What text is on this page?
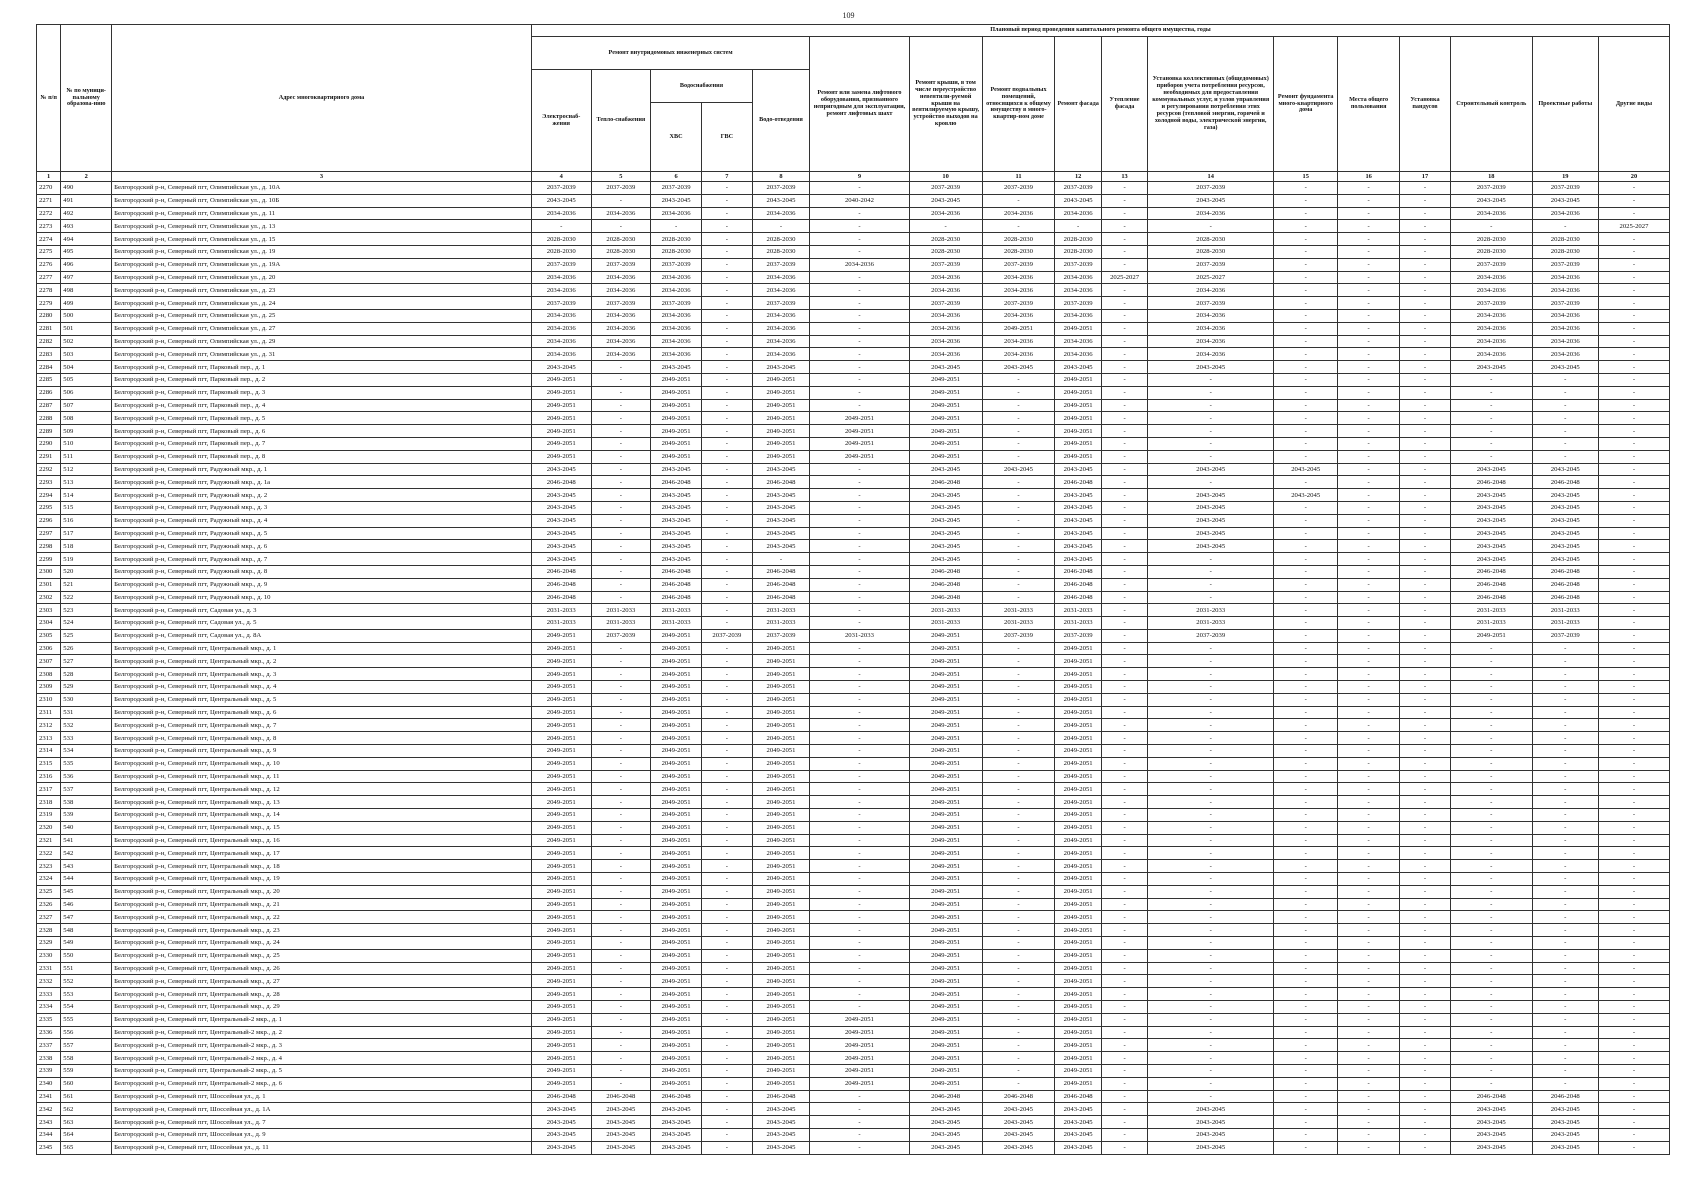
109
№ п/п	№ по муници-пальному образова-нию	Адрес многоквартирного дома	Плановый период проведения капитального ремонта общего имущества, годы																
			Ремонт внутридомовых инженерных систем					Ремонт или замена лифтового оборудования, признанного непригодным для эксплуатации, ремонт лифтовых шахт	Ремонт крыши, в том числе переустройство невентили-руемой крыши на вентилируемую крышу, устройство выходов на кровлю	Ремонт подвальных помещений, относящихся к общему имуществу в много-квартир-ном доме	Ремонт фасада	Утепление фасада	Установка коллективных (общедомовых) приборов учета потребления ресурсов, необходимых для предоставления коммунальных услуг, и узлов управления и регулирования потребления этих ресурсов (тепловой энергии, горячей и холодной воды, электрической энергии, газа)	Ремонт фундамента много-квартирного дома	Места общего пользования	Установка пандусов	Строительный контроль	Проектные работы	Другие виды
			Электроснаб-жения	Тепло-снабжения	Водоснабжения		Водо-отведения												
					ХВС	ГВС													
1	2	3	4	5	6	7	8	9	10	11	12	13	14	15	16	17	18	19	20
2270	490	Белгородский р-н, Северный пгт, Олимпийская ул., д. 10А	2037-2039	2037-2039	2037-2039	-	2037-2039	-	2037-2039	2037-2039	2037-2039	-	2037-2039	-	-	-	2037-2039	2037-2039	-
2271	491	Белгородский р-н, Северный пгт, Олимпийская ул., д. 10Б	2043-2045	-	2043-2045	-	2043-2045	2040-2042	2043-2045	-	2043-2045	-	2043-2045	-	-	-	2043-2045	2043-2045	-
2272	492	Белгородский р-н, Северный пгт, Олимпийская ул., д. 11	2034-2036	2034-2036	2034-2036	-	2034-2036	-	2034-2036	2034-2036	2034-2036	-	2034-2036	-	-	-	2034-2036	2034-2036	-
2273	493	Белгородский р-н, Северный пгт, Олимпийская ул., д. 13	-	-	-	-	-	-	-	-	-	-	-	-	-	-	-	-	2025-2027
2274	494	Белгородский р-н, Северный пгт, Олимпийская ул., д. 15	2028-2030	2028-2030	2028-2030	-	2028-2030	-	2028-2030	2028-2030	2028-2030	-	2028-2030	-	-	-	2028-2030	2028-2030	-
2275	495	Белгородский р-н, Северный пгт, Олимпийская ул., д. 19	2028-2030	2028-2030	2028-2030	-	2028-2030	-	2028-2030	2028-2030	2028-2030	-	2028-2030	-	-	-	2028-2030	2028-2030	-
2276	496	Белгородский р-н, Северный пгт, Олимпийская ул., д. 19А	2037-2039	2037-2039	2037-2039	-	2037-2039	2034-2036	2037-2039	2037-2039	2037-2039	-	2037-2039	-	-	-	2037-2039	2037-2039	-
2277	497	Белгородский р-н, Северный пгт, Олимпийская ул., д. 20	2034-2036	2034-2036	2034-2036	-	2034-2036	-	2034-2036	2034-2036	2034-2036	2025-2027	2025-2027	-	-	-	2034-2036	2034-2036	-
2278	498	Белгородский р-н, Северный пгт, Олимпийская ул., д. 23	2034-2036	2034-2036	2034-2036	-	2034-2036	-	2034-2036	2034-2036	2034-2036	-	2034-2036	-	-	-	2034-2036	2034-2036	-
2279	499	Белгородский р-н, Северный пгт, Олимпийская ул., д. 24	2037-2039	2037-2039	2037-2039	-	2037-2039	-	2037-2039	2037-2039	2037-2039	-	2037-2039	-	-	-	2037-2039	2037-2039	-
2280	500	Белгородский р-н, Северный пгт, Олимпийская ул., д. 25	2034-2036	2034-2036	2034-2036	-	2034-2036	-	2034-2036	2034-2036	2034-2036	-	2034-2036	-	-	-	2034-2036	2034-2036	-
2281	501	Белгородский р-н, Северный пгт, Олимпийская ул., д. 27	2034-2036	2034-2036	2034-2036	-	2034-2036	-	2034-2036	2049-2051	2049-2051	-	2034-2036	-	-	-	2034-2036	2034-2036	-
2282	502	Белгородский р-н, Северный пгт, Олимпийская ул., д. 29	2034-2036	2034-2036	2034-2036	-	2034-2036	-	2034-2036	2034-2036	2034-2036	-	2034-2036	-	-	-	2034-2036	2034-2036	-
2283	503	Белгородский р-н, Северный пгт, Олимпийская ул., д. 31	2034-2036	2034-2036	2034-2036	-	2034-2036	-	2034-2036	2034-2036	2034-2036	-	2034-2036	-	-	-	2034-2036	2034-2036	-
2284	504	Белгородский р-н, Северный пгт, Парковый пер., д. 1	2043-2045	-	2043-2045	-	2043-2045	-	2043-2045	2043-2045	2043-2045	-	2043-2045	-	-	-	2043-2045	2043-2045	-
2285	505	Белгородский р-н, Северный пгт, Парковый пер., д. 2	2049-2051	-	2049-2051	-	2049-2051	-	2049-2051	-	2049-2051	-	-	-	-	-	-	-	-
2286	506	Белгородский р-н, Северный пгт, Парковый пер., д. 3	2049-2051	-	2049-2051	-	2049-2051	-	2049-2051	-	2049-2051	-	-	-	-	-	-	-	-
2287	507	Белгородский р-н, Северный пгт, Парковый пер., д. 4	2049-2051	-	2049-2051	-	2049-2051	-	2049-2051	-	2049-2051	-	-	-	-	-	-	-	-
2288	508	Белгородский р-н, Северный пгт, Парковый пер., д. 5	2049-2051	-	2049-2051	-	2049-2051	2049-2051	2049-2051	-	2049-2051	-	-	-	-	-	-	-	-
2289	509	Белгородский р-н, Северный пгт, Парковый пер., д. 6	2049-2051	-	2049-2051	-	2049-2051	2049-2051	2049-2051	-	2049-2051	-	-	-	-	-	-	-	-
2290	510	Белгородский р-н, Северный пгт, Парковый пер., д. 7	2049-2051	-	2049-2051	-	2049-2051	2049-2051	2049-2051	-	2049-2051	-	-	-	-	-	-	-	-
2291	511	Белгородский р-н, Северный пгт, Парковый пер., д. 8	2049-2051	-	2049-2051	-	2049-2051	2049-2051	2049-2051	-	2049-2051	-	-	-	-	-	-	-	-
2292	512	Белгородский р-н, Северный пгт, Радужный мкр., д. 1	2043-2045	-	2043-2045	-	2043-2045	-	2043-2045	2043-2045	2043-2045	-	2043-2045	2043-2045	-	-	2043-2045	2043-2045	-
2293	513	Белгородский р-н, Северный пгт, Радужный мкр., д. 1а	2046-2048	-	2046-2048	-	2046-2048	-	2046-2048	-	2046-2048	-	-	-	-	-	2046-2048	2046-2048	-
2294	514	Белгородский р-н, Северный пгт, Радужный мкр., д. 2	2043-2045	-	2043-2045	-	2043-2045	-	2043-2045	-	2043-2045	-	2043-2045	2043-2045	-	-	2043-2045	2043-2045	-
2295	515	Белгородский р-н, Северный пгт, Радужный мкр., д. 3	2043-2045	-	2043-2045	-	2043-2045	-	2043-2045	-	2043-2045	-	2043-2045	-	-	-	2043-2045	2043-2045	-
2296	516	Белгородский р-н, Северный пгт, Радужный мкр., д. 4	2043-2045	-	2043-2045	-	2043-2045	-	2043-2045	-	2043-2045	-	2043-2045	-	-	-	2043-2045	2043-2045	-
2297	517	Белгородский р-н, Северный пгт, Радужный мкр., д. 5	2043-2045	-	2043-2045	-	2043-2045	-	2043-2045	-	2043-2045	-	2043-2045	-	-	-	2043-2045	2043-2045	-
2298	518	Белгородский р-н, Северный пгт, Радужный мкр., д. 6	2043-2045	-	2043-2045	-	2043-2045	-	2043-2045	-	2043-2045	-	2043-2045	-	-	-	2043-2045	2043-2045	-
2299	519	Белгородский р-н, Северный пгт, Радужный мкр., д. 7	2043-2045	-	2043-2045	-	-	-	2043-2045	-	2043-2045	-	-	-	-	-	2043-2045	2043-2045	-
2300	520	Белгородский р-н, Северный пгт, Радужный мкр., д. 8	2046-2048	-	2046-2048	-	2046-2048	-	2046-2048	-	2046-2048	-	-	-	-	-	2046-2048	2046-2048	-
2301	521	Белгородский р-н, Северный пгт, Радужный мкр., д. 9	2046-2048	-	2046-2048	-	2046-2048	-	2046-2048	-	2046-2048	-	-	-	-	-	2046-2048	2046-2048	-
2302	522	Белгородский р-н, Северный пгт, Радужный мкр., д. 10	2046-2048	-	2046-2048	-	2046-2048	-	2046-2048	-	2046-2048	-	-	-	-	-	2046-2048	2046-2048	-
2303	523	Белгородский р-н, Северный пгт, Садовая ул., д. 3	2031-2033	2031-2033	2031-2033	-	2031-2033	-	2031-2033	2031-2033	2031-2033	-	2031-2033	-	-	-	2031-2033	2031-2033	-
2304	524	Белгородский р-н, Северный пгт, Садовая ул., д. 5	2031-2033	2031-2033	2031-2033	-	2031-2033	-	2031-2033	2031-2033	2031-2033	-	2031-2033	-	-	-	2031-2033	2031-2033	-
2305	525	Белгородский р-н, Северный пгт, Садовая ул., д. 8А	2049-2051	2037-2039	2049-2051	2037-2039	2037-2039	2031-2033	2049-2051	2037-2039	2037-2039	-	2037-2039	-	-	-	2049-2051	2037-2039	-
2306	526	Белгородский р-н, Северный пгт, Центральный мкр., д. 1	2049-2051	-	2049-2051	-	2049-2051	-	2049-2051	-	2049-2051	-	-	-	-	-	-	-	-
2307	527	Белгородский р-н, Северный пгт, Центральный мкр., д. 2	2049-2051	-	2049-2051	-	2049-2051	-	2049-2051	-	2049-2051	-	-	-	-	-	-	-	-
2308	528	Белгородский р-н, Северный пгт, Центральный мкр., д. 3	2049-2051	-	2049-2051	-	2049-2051	-	2049-2051	-	2049-2051	-	-	-	-	-	-	-	-
2309	529	Белгородский р-н, Северный пгт, Центральный мкр., д. 4	2049-2051	-	2049-2051	-	2049-2051	-	2049-2051	-	2049-2051	-	-	-	-	-	-	-	-
2310	530	Белгородский р-н, Северный пгт, Центральный мкр., д. 5	2049-2051	-	2049-2051	-	2049-2051	-	2049-2051	-	2049-2051	-	-	-	-	-	-	-	-
2311	531	Белгородский р-н, Северный пгт, Центральный мкр., д. 6	2049-2051	-	2049-2051	-	2049-2051	-	2049-2051	-	2049-2051	-	-	-	-	-	-	-	-
2312	532	Белгородский р-н, Северный пгт, Центральный мкр., д. 7	2049-2051	-	2049-2051	-	2049-2051	-	2049-2051	-	2049-2051	-	-	-	-	-	-	-	-
2313	533	Белгородский р-н, Северный пгт, Центральный мкр., д. 8	2049-2051	-	2049-2051	-	2049-2051	-	2049-2051	-	2049-2051	-	-	-	-	-	-	-	-
2314	534	Белгородский р-н, Северный пгт, Центральный мкр., д. 9	2049-2051	-	2049-2051	-	2049-2051	-	2049-2051	-	2049-2051	-	-	-	-	-	-	-	-
2315	535	Белгородский р-н, Северный пгт, Центральный мкр., д. 10	2049-2051	-	2049-2051	-	2049-2051	-	2049-2051	-	2049-2051	-	-	-	-	-	-	-	-
2316	536	Белгородский р-н, Северный пгт, Центральный мкр., д. 11	2049-2051	-	2049-2051	-	2049-2051	-	2049-2051	-	2049-2051	-	-	-	-	-	-	-	-
2317	537	Белгородский р-н, Северный пгт, Центральный мкр., д. 12	2049-2051	-	2049-2051	-	2049-2051	-	2049-2051	-	2049-2051	-	-	-	-	-	-	-	-
2318	538	Белгородский р-н, Северный пгт, Центральный мкр., д. 13	2049-2051	-	2049-2051	-	2049-2051	-	2049-2051	-	2049-2051	-	-	-	-	-	-	-	-
2319	539	Белгородский р-н, Северный пгт, Центральный мкр., д. 14	2049-2051	-	2049-2051	-	2049-2051	-	2049-2051	-	2049-2051	-	-	-	-	-	-	-	-
2320	540	Белгородский р-н, Северный пгт, Центральный мкр., д. 15	2049-2051	-	2049-2051	-	2049-2051	-	2049-2051	-	2049-2051	-	-	-	-	-	-	-	-
2321	541	Белгородский р-н, Северный пгт, Центральный мкр., д. 16	2049-2051	-	2049-2051	-	2049-2051	-	2049-2051	-	2049-2051	-	-	-	-	-	-	-	-
2322	542	Белгородский р-н, Северный пгт, Центральный мкр., д. 17	2049-2051	-	2049-2051	-	2049-2051	-	2049-2051	-	2049-2051	-	-	-	-	-	-	-	-
2323	543	Белгородский р-н, Северный пгт, Центральный мкр., д. 18	2049-2051	-	2049-2051	-	2049-2051	-	2049-2051	-	2049-2051	-	-	-	-	-	-	-	-
2324	544	Белгородский р-н, Северный пгт, Центральный мкр., д. 19	2049-2051	-	2049-2051	-	2049-2051	-	2049-2051	-	2049-2051	-	-	-	-	-	-	-	-
2325	545	Белгородский р-н, Северный пгт, Центральный мкр., д. 20	2049-2051	-	2049-2051	-	2049-2051	-	2049-2051	-	2049-2051	-	-	-	-	-	-	-	-
2326	546	Белгородский р-н, Северный пгт, Центральный мкр., д. 21	2049-2051	-	2049-2051	-	2049-2051	-	2049-2051	-	2049-2051	-	-	-	-	-	-	-	-
2327	547	Белгородский р-н, Северный пгт, Центральный мкр., д. 22	2049-2051	-	2049-2051	-	2049-2051	-	2049-2051	-	2049-2051	-	-	-	-	-	-	-	-
2328	548	Белгородский р-н, Северный пгт, Центральный мкр., д. 23	2049-2051	-	2049-2051	-	2049-2051	-	2049-2051	-	2049-2051	-	-	-	-	-	-	-	-
2329	549	Белгородский р-н, Северный пгт, Центральный мкр., д. 24	2049-2051	-	2049-2051	-	2049-2051	-	2049-2051	-	2049-2051	-	-	-	-	-	-	-	-
2330	550	Белгородский р-н, Северный пгт, Центральный мкр., д. 25	2049-2051	-	2049-2051	-	2049-2051	-	2049-2051	-	2049-2051	-	-	-	-	-	-	-	-
2331	551	Белгородский р-н, Северный пгт, Центральный мкр., д. 26	2049-2051	-	2049-2051	-	2049-2051	-	2049-2051	-	2049-2051	-	-	-	-	-	-	-	-
2332	552	Белгородский р-н, Северный пгт, Центральный мкр., д. 27	2049-2051	-	2049-2051	-	2049-2051	-	2049-2051	-	2049-2051	-	-	-	-	-	-	-	-
2333	553	Белгородский р-н, Северный пгт, Центральный мкр., д. 28	2049-2051	-	2049-2051	-	2049-2051	-	2049-2051	-	2049-2051	-	-	-	-	-	-	-	-
2334	554	Белгородский р-н, Северный пгт, Центральный мкр., д. 29	2049-2051	-	2049-2051	-	2049-2051	-	2049-2051	-	2049-2051	-	-	-	-	-	-	-	-
2335	555	Белгородский р-н, Северный пгт, Центральный-2 мкр., д. 1	2049-2051	-	2049-2051	-	2049-2051	2049-2051	2049-2051	-	2049-2051	-	-	-	-	-	-	-	-
2336	556	Белгородский р-н, Северный пгт, Центральный-2 мкр., д. 2	2049-2051	-	2049-2051	-	2049-2051	2049-2051	2049-2051	-	2049-2051	-	-	-	-	-	-	-	-
2337	557	Белгородский р-н, Северный пгт, Центральный-2 мкр., д. 3	2049-2051	-	2049-2051	-	2049-2051	2049-2051	2049-2051	-	2049-2051	-	-	-	-	-	-	-	-
2338	558	Белгородский р-н, Северный пгт, Центральный-2 мкр., д. 4	2049-2051	-	2049-2051	-	2049-2051	2049-2051	2049-2051	-	2049-2051	-	-	-	-	-	-	-	-
2339	559	Белгородский р-н, Северный пгт, Центральный-2 мкр., д. 5	2049-2051	-	2049-2051	-	2049-2051	2049-2051	2049-2051	-	2049-2051	-	-	-	-	-	-	-	-
2340	560	Белгородский р-н, Северный пгт, Центральный-2 мкр., д. 6	2049-2051	-	2049-2051	-	2049-2051	2049-2051	2049-2051	-	2049-2051	-	-	-	-	-	-	-	-
2341	561	Белгородский р-н, Северный пгт, Шоссейная ул., д. 1	2046-2048	2046-2048	2046-2048	-	2046-2048	-	2046-2048	2046-2048	2046-2048	-	-	-	-	-	2046-2048	2046-2048	-
2342	562	Белгородский р-н, Северный пгт, Шоссейная ул., д. 1А	2043-2045	2043-2045	2043-2045	-	2043-2045	-	2043-2045	2043-2045	2043-2045	-	2043-2045	-	-	-	2043-2045	2043-2045	-
2343	563	Белгородский р-н, Северный пгт, Шоссейная ул., д. 7	2043-2045	2043-2045	2043-2045	-	2043-2045	-	2043-2045	2043-2045	2043-2045	-	2043-2045	-	-	-	2043-2045	2043-2045	-
2344	564	Белгородский р-н, Северный пгт, Шоссейная ул., д. 9	2043-2045	2043-2045	2043-2045	-	2043-2045	-	2043-2045	2043-2045	2043-2045	-	2043-2045	-	-	-	2043-2045	2043-2045	-
2345	565	Белгородский р-н, Северный пгт, Шоссейная ул., д. 11	2043-2045	2043-2045	2043-2045	-	2043-2045	-	2043-2045	2043-2045	2043-2045	-	2043-2045	-	-	-	2043-2045	2043-2045	-
